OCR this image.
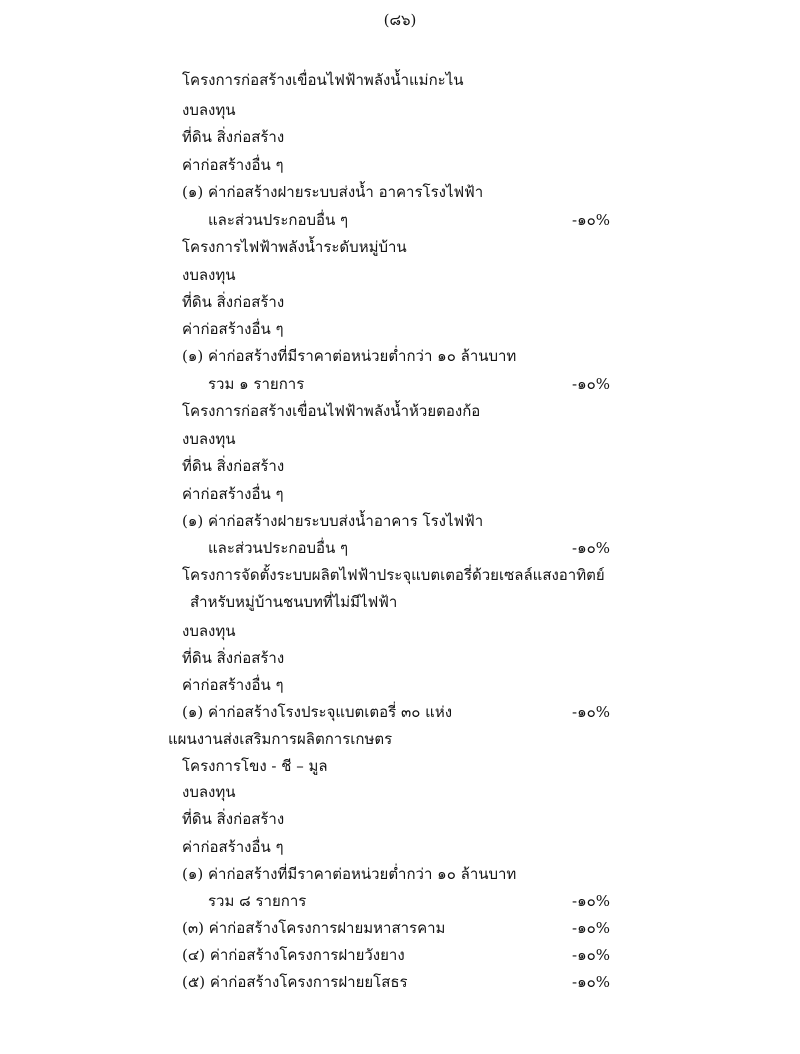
(๘๖)
โครงการก่อสร้างเขื่อนไฟฟ้าพลังน้ำแม่กะไน
งบลงทุน
ที่ดิน สิ่งก่อสร้าง
ค่าก่อสร้างอื่น ๆ
(๑) ค่าก่อสร้างฝายระบบส่งน้ำ อาคารโรงไฟฟ้า
และส่วนประกอบอื่น ๆ	-๑๐%
โครงการไฟฟ้าพลังน้ำระดับหมู่บ้าน
งบลงทุน
ที่ดิน สิ่งก่อสร้าง
ค่าก่อสร้างอื่น ๆ
(๑) ค่าก่อสร้างที่มีราคาต่อหน่วยต่ำกว่า ๑๐ ล้านบาท
รวม ๑ รายการ	-๑๐%
โครงการก่อสร้างเขื่อนไฟฟ้าพลังน้ำห้วยตองก้อ
งบลงทุน
ที่ดิน สิ่งก่อสร้าง
ค่าก่อสร้างอื่น ๆ
(๑) ค่าก่อสร้างฝายระบบส่งน้ำอาคาร โรงไฟฟ้า
และส่วนประกอบอื่น ๆ	-๑๐%
โครงการจัดตั้งระบบผลิตไฟฟ้าประจุแบตเตอรี่ด้วยเซลล์แสงอาทิตย์
สำหรับหมู่บ้านชนบทที่ไม่มีไฟฟ้า
งบลงทุน
ที่ดิน สิ่งก่อสร้าง
ค่าก่อสร้างอื่น ๆ
(๑) ค่าก่อสร้างโรงประจุแบตเตอรี่ ๓๐ แห่ง	-๑๐%
แผนงานส่งเสริมการผลิตการเกษตร
โครงการโขง - ชี – มูล
งบลงทุน
ที่ดิน สิ่งก่อสร้าง
ค่าก่อสร้างอื่น ๆ
(๑) ค่าก่อสร้างที่มีราคาต่อหน่วยต่ำกว่า ๑๐ ล้านบาท
รวม ๘ รายการ	-๑๐%
(๓) ค่าก่อสร้างโครงการฝายมหาสารคาม	-๑๐%
(๔) ค่าก่อสร้างโครงการฝายวังยาง	-๑๐%
(๕) ค่าก่อสร้างโครงการฝายยโสธร	-๑๐%
